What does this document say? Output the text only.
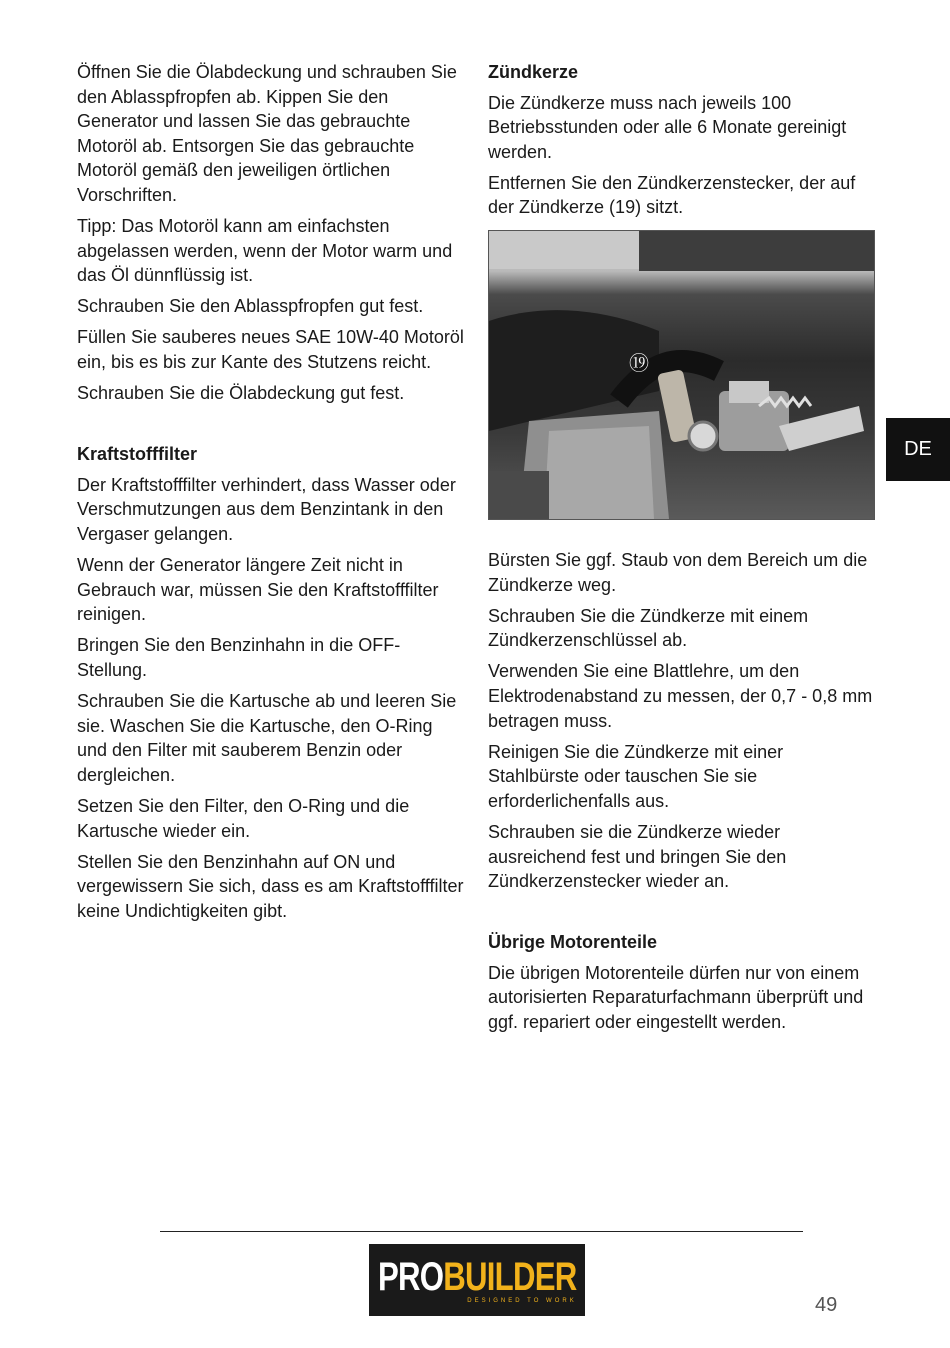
Öffnen Sie die Ölabdeckung und schrauben Sie den Ablasspfropfen ab. Kippen Sie den Generator und lassen Sie das gebrauchte Motoröl ab. Entsorgen Sie das gebrauchte Motoröl gemäß den jeweiligen örtlichen Vorschriften.

Tipp: Das Motoröl kann am einfachsten abgelassen werden, wenn der Motor warm und das Öl dünnflüssig ist.

Schrauben Sie den Ablasspfropfen gut fest.

Füllen Sie sauberes neues SAE 10W-40 Motoröl ein, bis es bis zur Kante des Stutzens reicht.

Schrauben Sie die Ölabdeckung gut fest.

Kraftstofffilter

Der Kraftstofffilter verhindert, dass Wasser oder Verschmutzungen aus dem Benzintank in den Vergaser gelangen.

Wenn der Generator längere Zeit nicht in Gebrauch war, müssen Sie den Kraftstofffilter reinigen.

Bringen Sie den Benzinhahn in die OFF-Stellung.

Schrauben Sie die Kartusche ab und leeren Sie sie. Waschen Sie die Kartusche, den O-Ring und den Filter mit sauberem Benzin oder dergleichen.

Setzen Sie den Filter, den O-Ring und die Kartusche wieder ein.

Stellen Sie den Benzinhahn auf ON und vergewissern Sie sich, dass es am Kraftstofffilter keine Undichtigkeiten gibt.

Zündkerze

Die Zündkerze muss nach jeweils 100 Betriebsstunden oder alle 6 Monate gereinigt werden.

Entfernen Sie den Zündkerzenstecker, der auf der Zündkerze (19) sitzt.

⑲

Bürsten Sie ggf. Staub von dem Bereich um die Zündkerze weg.

Schrauben Sie die Zündkerze mit einem Zündkerzenschlüssel ab.

Verwenden Sie eine Blattlehre, um den Elektrodenabstand zu messen, der 0,7 - 0,8 mm betragen muss.

Reinigen Sie die Zündkerze mit einer Stahlbürste oder tauschen Sie sie erforderlichenfalls aus.

Schrauben sie die Zündkerze wieder ausreichend fest und bringen Sie den Zündkerzenstecker wieder an.

Übrige Motorenteile

Die übrigen Motorenteile dürfen nur von einem autorisierten Reparaturfachmann überprüft und ggf. repariert oder eingestellt werden.

DE
PROBUILDER
DESIGNED TO WORK	49
